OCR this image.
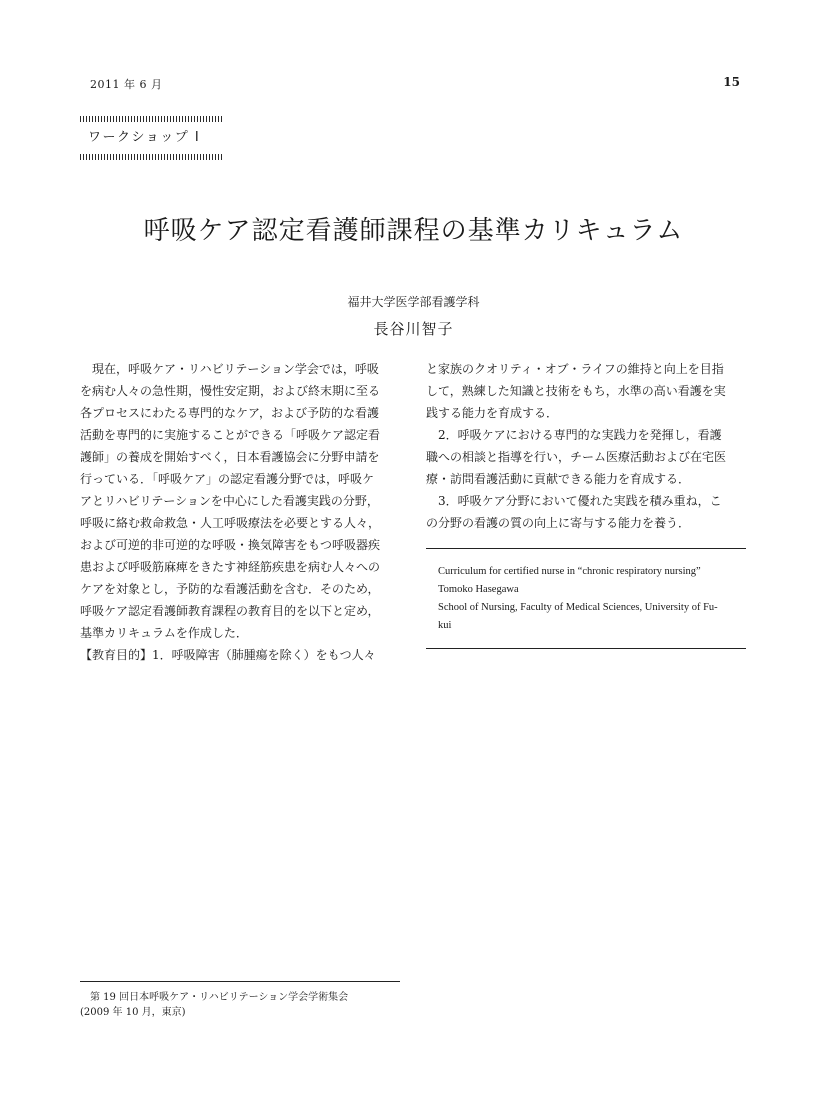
2011 年 6 月	15
ワークショップ I
呼吸ケア認定看護師課程の基準カリキュラム
福井大学医学部看護学科
長谷川智子
　現在，呼吸ケア・リハビリテーション学会では，呼吸
を病む人々の急性期，慢性安定期，および終末期に至る
各プロセスにわたる専門的なケア，および予防的な看護
活動を専門的に実施することができる「呼吸ケア認定看
護師」の養成を開始すべく，日本看護協会に分野申請を
行っている．「呼吸ケア」の認定看護分野では，呼吸ケ
アとリハビリテーションを中心にした看護実践の分野，
呼吸に絡む救命救急・人工呼吸療法を必要とする人々，
および可逆的非可逆的な呼吸・換気障害をもつ呼吸器疾
患および呼吸筋麻痺をきたす神経筋疾患を病む人々への
ケアを対象とし，予防的な看護活動を含む．そのため，
呼吸ケア認定看護師教育課程の教育目的を以下と定め，
基準カリキュラムを作成した．
【教育目的】1．呼吸障害（肺腫瘍を除く）をもつ人々
と家族のクオリティ・オブ・ライフの維持と向上を目指
して，熟練した知識と技術をもち，水準の高い看護を実
践する能力を育成する．
　2．呼吸ケアにおける専門的な実践力を発揮し，看護
職への相談と指導を行い，チーム医療活動および在宅医
療・訪問看護活動に貢献できる能力を育成する．
　3．呼吸ケア分野において優れた実践を積み重ね，こ
の分野の看護の質の向上に寄与する能力を養う．
Curriculum for certified nurse in “chronic respiratory nursing”
Tomoko Hasegawa
School of Nursing, Faculty of Medical Sciences, University of Fu-
kui
第 19 回日本呼吸ケア・リハビリテーション学会学術集会
(2009 年 10 月，東京)
